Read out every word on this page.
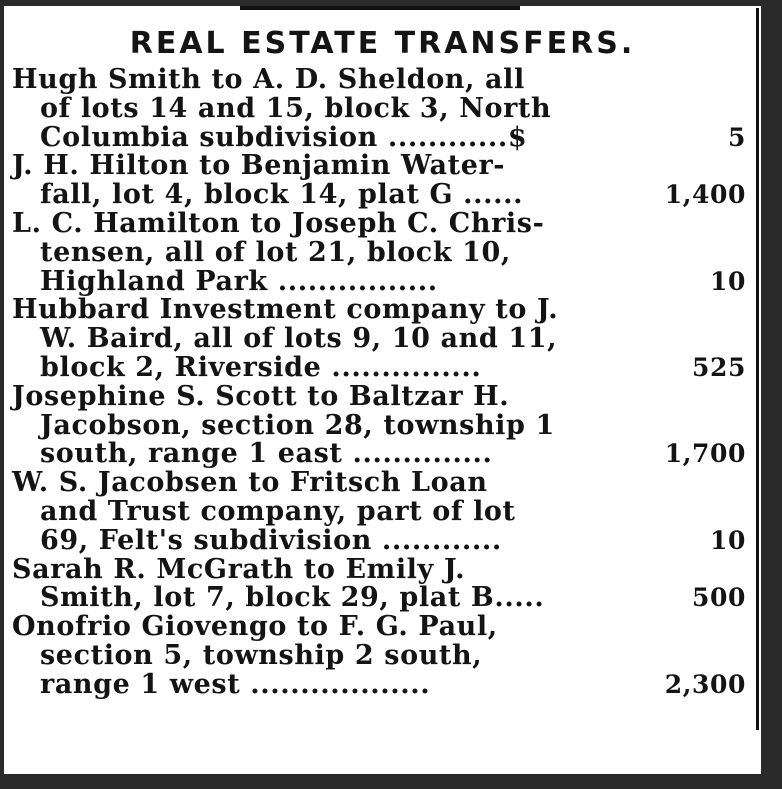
REAL ESTATE TRANSFERS.
Hugh Smith to A. D. Sheldon, all
of lots 14 and 15, block 3, North
Columbia subdivision ............$	5
J. H. Hilton to Benjamin Water-
fall, lot 4, block 14, plat G ......	1,400
L. C. Hamilton to Joseph C. Chris-
tensen, all of lot 21, block 10,
Highland Park ................	10
Hubbard Investment company to J.
W. Baird, all of lots 9, 10 and 11,
block 2, Riverside ...............	525
Josephine S. Scott to Baltzar H.
Jacobson, section 28, township 1
south, range 1 east ..............	1,700
W. S. Jacobsen to Fritsch Loan
and Trust company, part of lot
69, Felt's subdivision ............	10
Sarah R. McGrath to Emily J.
Smith, lot 7, block 29, plat B.....	500
Onofrio Giovengo to F. G. Paul,
section 5, township 2 south,
range 1 west ..................	2,300
